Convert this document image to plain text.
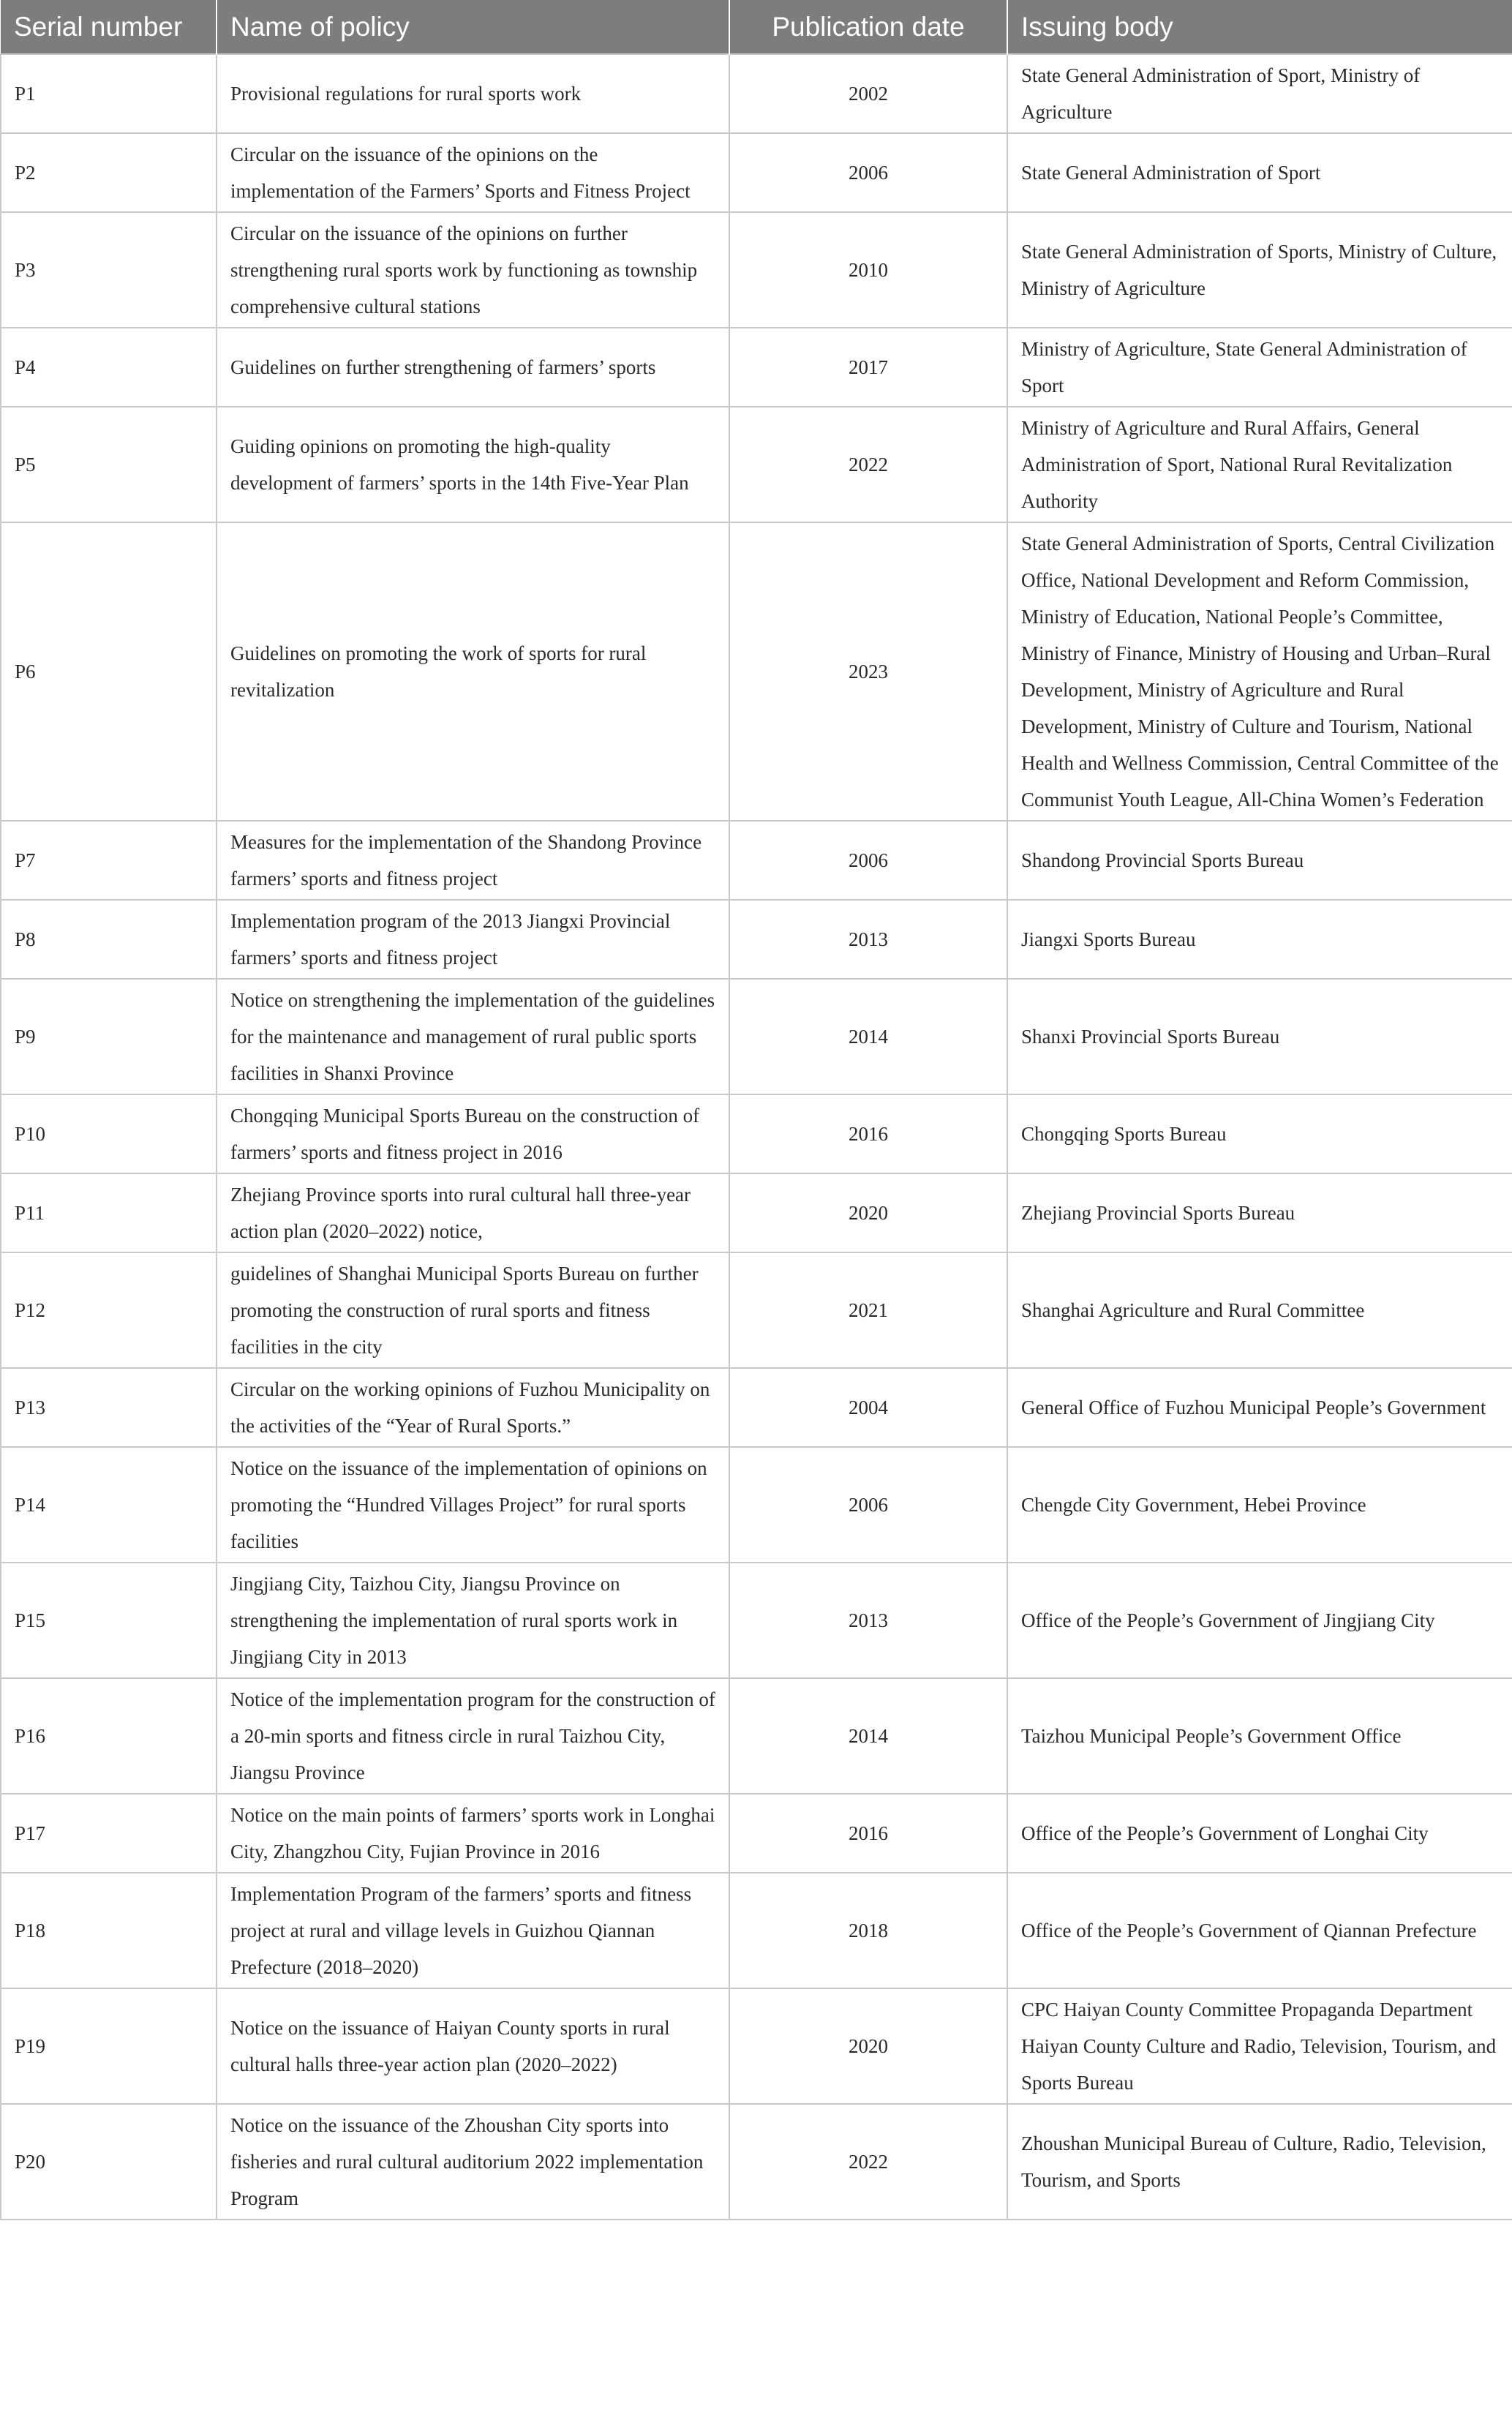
Serial number	Name of policy	Publication date	Issuing body
P1	Provisional regulations for rural sports work	2002	State General Administration of Sport, Ministry of Agriculture
P2	Circular on the issuance of the opinions on the implementation of the Farmers’ Sports and Fitness Project	2006	State General Administration of Sport
P3	Circular on the issuance of the opinions on further strengthening rural sports work by functioning as township comprehensive cultural stations	2010	State General Administration of Sports, Ministry of Culture, Ministry of Agriculture
P4	Guidelines on further strengthening of farmers’ sports	2017	Ministry of Agriculture, State General Administration of Sport
P5	Guiding opinions on promoting the high-quality development of farmers’ sports in the 14th Five-Year Plan	2022	Ministry of Agriculture and Rural Affairs, General Administration of Sport, National Rural Revitalization Authority
P6	Guidelines on promoting the work of sports for rural revitalization	2023	State General Administration of Sports, Central Civilization Office, National Development and Reform Commission, Ministry of Education, National People’s Committee, Ministry of Finance, Ministry of Housing and Urban–Rural Development, Ministry of Agriculture and Rural Development, Ministry of Culture and Tourism, National Health and Wellness Commission, Central Committee of the Communist Youth League, All-China Women’s Federation
P7	Measures for the implementation of the Shandong Province farmers’ sports and fitness project	2006	Shandong Provincial Sports Bureau
P8	Implementation program of the 2013 Jiangxi Provincial farmers’ sports and fitness project	2013	Jiangxi Sports Bureau
P9	Notice on strengthening the implementation of the guidelines for the maintenance and management of rural public sports facilities in Shanxi Province	2014	Shanxi Provincial Sports Bureau
P10	Chongqing Municipal Sports Bureau on the construction of farmers’ sports and fitness project in 2016	2016	Chongqing Sports Bureau
P11	Zhejiang Province sports into rural cultural hall three-year action plan (2020–2022) notice,	2020	Zhejiang Provincial Sports Bureau
P12	guidelines of Shanghai Municipal Sports Bureau on further promoting the construction of rural sports and fitness facilities in the city	2021	Shanghai Agriculture and Rural Committee
P13	Circular on the working opinions of Fuzhou Municipality on the activities of the “Year of Rural Sports.”	2004	General Office of Fuzhou Municipal People’s Government
P14	Notice on the issuance of the implementation of opinions on promoting the “Hundred Villages Project” for rural sports facilities	2006	Chengde City Government, Hebei Province
P15	Jingjiang City, Taizhou City, Jiangsu Province on strengthening the implementation of rural sports work in Jingjiang City in 2013	2013	Office of the People’s Government of Jingjiang City
P16	Notice of the implementation program for the construction of a 20-min sports and fitness circle in rural Taizhou City, Jiangsu Province	2014	Taizhou Municipal People’s Government Office
P17	Notice on the main points of farmers’ sports work in Longhai City, Zhangzhou City, Fujian Province in 2016	2016	Office of the People’s Government of Longhai City
P18	Implementation Program of the farmers’ sports and fitness project at rural and village levels in Guizhou Qiannan Prefecture (2018–2020)	2018	Office of the People’s Government of Qiannan Prefecture
P19	Notice on the issuance of Haiyan County sports in rural cultural halls three-year action plan (2020–2022)	2020	CPC Haiyan County Committee Propaganda Department Haiyan County Culture and Radio, Television, Tourism, and Sports Bureau
P20	Notice on the issuance of the Zhoushan City sports into fisheries and rural cultural auditorium 2022 implementation Program	2022	Zhoushan Municipal Bureau of Culture, Radio, Television, Tourism, and Sports
